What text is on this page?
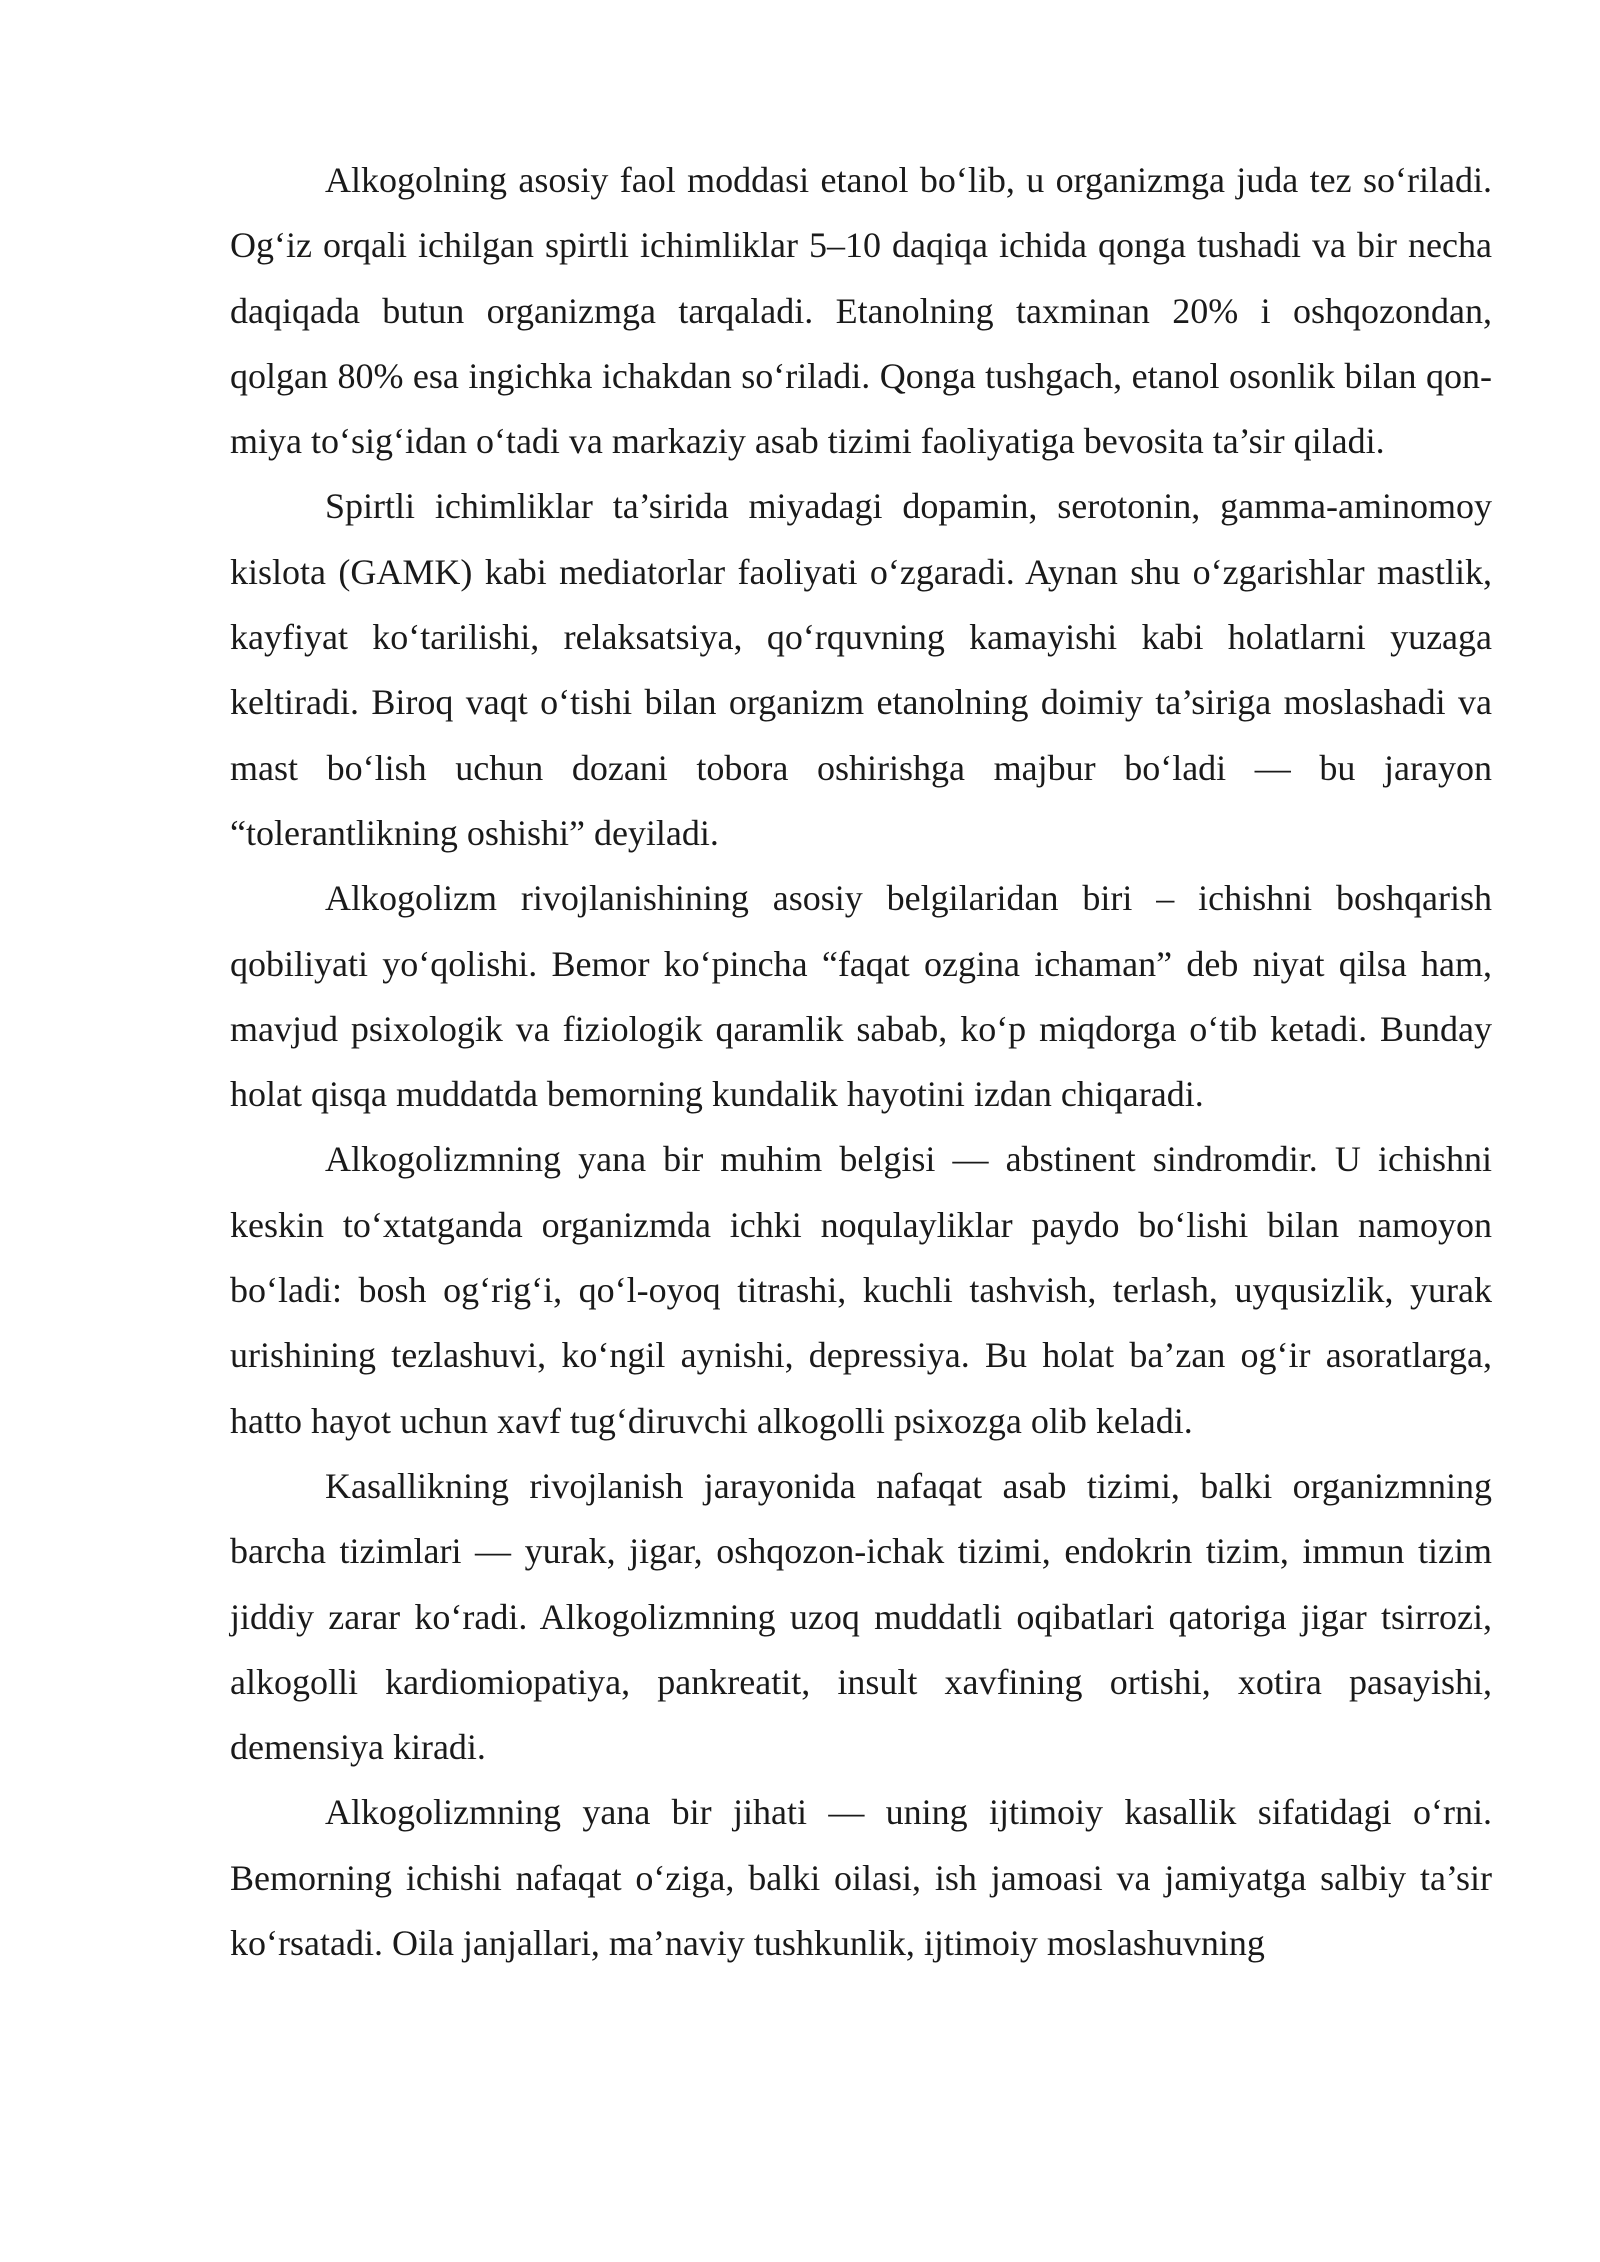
Alkogolning asosiy faol moddasi etanol bo‘lib, u organizmga juda tez so‘riladi. Og‘iz orqali ichilgan spirtli ichimliklar 5–10 daqiqa ichida qonga tushadi va bir necha daqiqada butun organizmga tarqaladi. Etanolning taxminan 20% i oshqozondan, qolgan 80% esa ingichka ichakdan so‘riladi. Qonga tushgach, etanol osonlik bilan qon-miya to‘sig‘idan o‘tadi va markaziy asab tizimi faoliyatiga bevosita ta’sir qiladi.

Spirtli ichimliklar ta’sirida miyadagi dopamin, serotonin, gamma-aminomoy kislota (GAMK) kabi mediatorlar faoliyati o‘zgaradi. Aynan shu o‘zgarishlar mastlik, kayfiyat ko‘tarilishi, relaksatsiya, qo‘rquvning kamayishi kabi holatlarni yuzaga keltiradi. Biroq vaqt o‘tishi bilan organizm etanolning doimiy ta’siriga moslashadi va mast bo‘lish uchun dozani tobora oshirishga majbur bo‘ladi — bu jarayon “tolerantlikning oshishi” deyiladi.

Alkogolizm rivojlanishining asosiy belgilaridan biri – ichishni boshqarish qobiliyati yo‘qolishi. Bemor ko‘pincha “faqat ozgina ichaman” deb niyat qilsa ham, mavjud psixologik va fiziologik qaramlik sabab, ko‘p miqdorga o‘tib ketadi. Bunday holat qisqa muddatda bemorning kundalik hayotini izdan chiqaradi.

Alkogolizmning yana bir muhim belgisi — abstinent sindromdir. U ichishni keskin to‘xtatganda organizmda ichki noqulayliklar paydo bo‘lishi bilan namoyon bo‘ladi: bosh og‘rig‘i, qo‘l-oyoq titrashi, kuchli tashvish, terlash, uyqusizlik, yurak urishining tezlashuvi, ko‘ngil aynishi, depressiya. Bu holat ba’zan og‘ir asoratlarga, hatto hayot uchun xavf tug‘diruvchi alkogolli psixozga olib keladi.

Kasallikning rivojlanish jarayonida nafaqat asab tizimi, balki organizmning barcha tizimlari — yurak, jigar, oshqozon-ichak tizimi, endokrin tizim, immun tizim jiddiy zarar ko‘radi. Alkogolizmning uzoq muddatli oqibatlari qatoriga jigar tsirrozi, alkogolli kardiomiopatiya, pankreatit, insult xavfining ortishi, xotira pasayishi, demensiya kiradi.

Alkogolizmning yana bir jihati — uning ijtimoiy kasallik sifatidagi o‘rni. Bemorning ichishi nafaqat o‘ziga, balki oilasi, ish jamoasi va jamiyatga salbiy ta’sir ko‘rsatadi. Oila janjallari, ma’naviy tushkunlik, ijtimoiy moslashuvning
